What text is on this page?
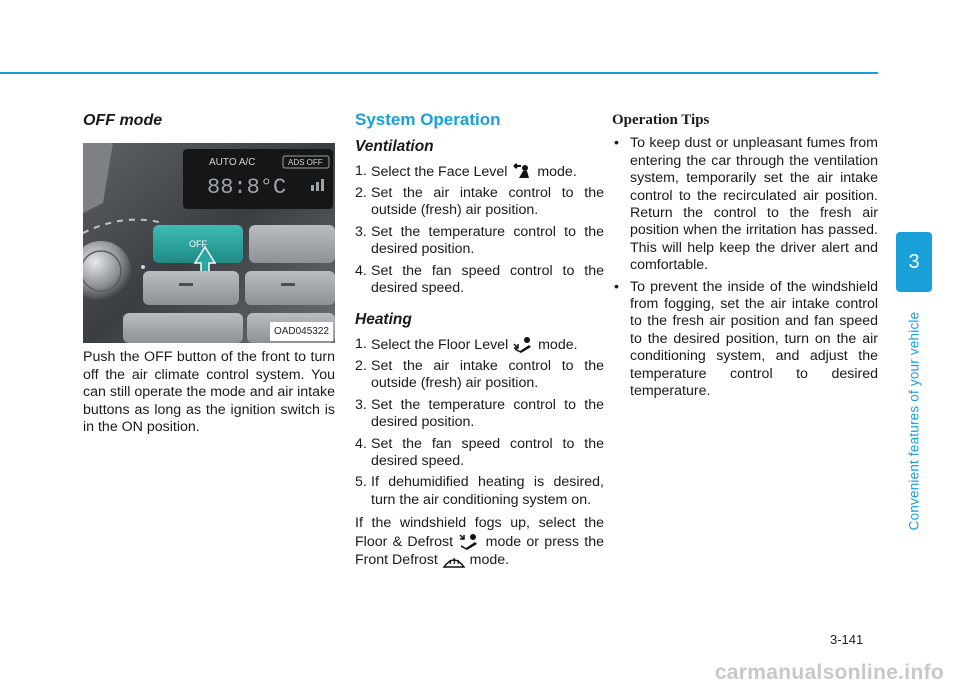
OFF mode
AUTO A/C	ADS OFF
88:8°C
OFF
OAD045322

Push the OFF button of the front to turn off the air climate control system. You can still operate the mode and air intake buttons as long as the ignition switch is in the ON position.

System Operation
Ventilation
1. Select the Face Level  mode.
2. Set the air intake control to the outside (fresh) air position.
3. Set the temperature control to the desired position.
4. Set the fan speed control to the desired speed.
Heating
1. Select the Floor Level  mode.
2. Set the air intake control to the outside (fresh) air position.
3. Set the temperature control to the desired position.
4. Set the fan speed control to the desired speed.
5. If dehumidified heating is desired, turn the air conditioning system on.

If the windshield fogs up, select the Floor & Defrost  mode or press the Front Defrost  mode.

Operation Tips
• To keep dust or unpleasant fumes from entering the car through the ventilation system, temporarily set the air intake control to the recirculated air position. Return the control to the fresh air position when the irritation has passed. This will help keep the driver alert and comfortable.
• To prevent the inside of the windshield from fogging, set the air intake control to the fresh air position and fan speed to the desired position, turn on the air conditioning system, and adjust the temperature control to desired temperature.
3
Convenient features of your vehicle
3-141
carmanualsonline.info
